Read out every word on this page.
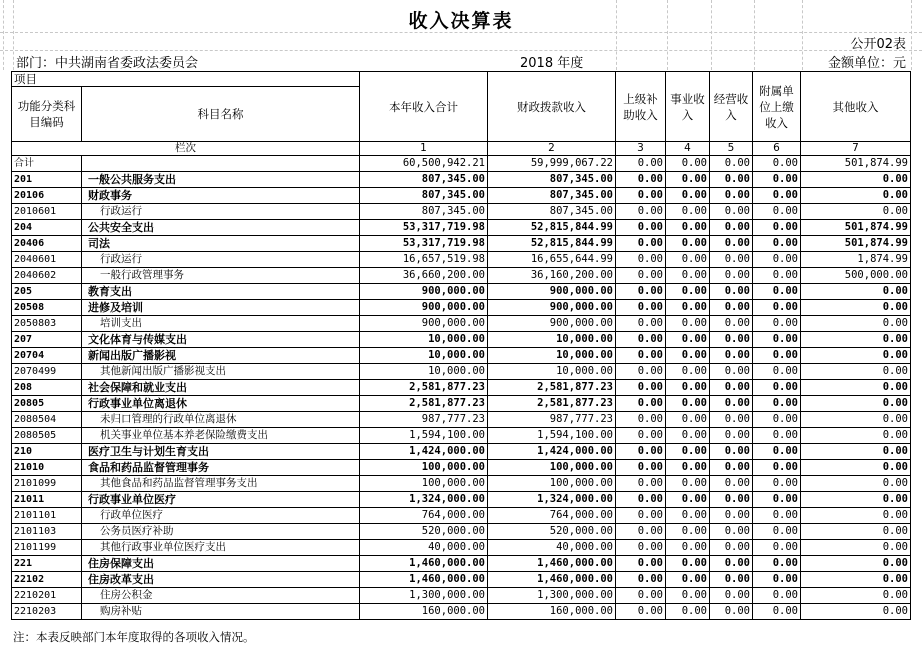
收入决算表
公开02表
部门：中共湖南省委政法委员会	2018 年度	金额单位：元
项目		本年收入合计	财政拨款收入	上级补助收入	事业收入	经营收入	附属单位上缴收入	其他收入
功能分类科目编码	科目名称							
栏次		1	2	3	4	5	6	7
合计		60,500,942.21	59,999,067.22	0.00	0.00	0.00	0.00	501,874.99
201	一般公共服务支出	807,345.00	807,345.00	0.00	0.00	0.00	0.00	0.00
20106	财政事务	807,345.00	807,345.00	0.00	0.00	0.00	0.00	0.00
2010601	行政运行	807,345.00	807,345.00	0.00	0.00	0.00	0.00	0.00
204	公共安全支出	53,317,719.98	52,815,844.99	0.00	0.00	0.00	0.00	501,874.99
20406	司法	53,317,719.98	52,815,844.99	0.00	0.00	0.00	0.00	501,874.99
2040601	行政运行	16,657,519.98	16,655,644.99	0.00	0.00	0.00	0.00	1,874.99
2040602	一般行政管理事务	36,660,200.00	36,160,200.00	0.00	0.00	0.00	0.00	500,000.00
205	教育支出	900,000.00	900,000.00	0.00	0.00	0.00	0.00	0.00
20508	进修及培训	900,000.00	900,000.00	0.00	0.00	0.00	0.00	0.00
2050803	培训支出	900,000.00	900,000.00	0.00	0.00	0.00	0.00	0.00
207	文化体育与传媒支出	10,000.00	10,000.00	0.00	0.00	0.00	0.00	0.00
20704	新闻出版广播影视	10,000.00	10,000.00	0.00	0.00	0.00	0.00	0.00
2070499	其他新闻出版广播影视支出	10,000.00	10,000.00	0.00	0.00	0.00	0.00	0.00
208	社会保障和就业支出	2,581,877.23	2,581,877.23	0.00	0.00	0.00	0.00	0.00
20805	行政事业单位离退休	2,581,877.23	2,581,877.23	0.00	0.00	0.00	0.00	0.00
2080504	未归口管理的行政单位离退休	987,777.23	987,777.23	0.00	0.00	0.00	0.00	0.00
2080505	机关事业单位基本养老保险缴费支出	1,594,100.00	1,594,100.00	0.00	0.00	0.00	0.00	0.00
210	医疗卫生与计划生育支出	1,424,000.00	1,424,000.00	0.00	0.00	0.00	0.00	0.00
21010	食品和药品监督管理事务	100,000.00	100,000.00	0.00	0.00	0.00	0.00	0.00
2101099	其他食品和药品监督管理事务支出	100,000.00	100,000.00	0.00	0.00	0.00	0.00	0.00
21011	行政事业单位医疗	1,324,000.00	1,324,000.00	0.00	0.00	0.00	0.00	0.00
2101101	行政单位医疗	764,000.00	764,000.00	0.00	0.00	0.00	0.00	0.00
2101103	公务员医疗补助	520,000.00	520,000.00	0.00	0.00	0.00	0.00	0.00
2101199	其他行政事业单位医疗支出	40,000.00	40,000.00	0.00	0.00	0.00	0.00	0.00
221	住房保障支出	1,460,000.00	1,460,000.00	0.00	0.00	0.00	0.00	0.00
22102	住房改革支出	1,460,000.00	1,460,000.00	0.00	0.00	0.00	0.00	0.00
2210201	住房公积金	1,300,000.00	1,300,000.00	0.00	0.00	0.00	0.00	0.00
2210203	购房补贴	160,000.00	160,000.00	0.00	0.00	0.00	0.00	0.00
注：本表反映部门本年度取得的各项收入情况。
